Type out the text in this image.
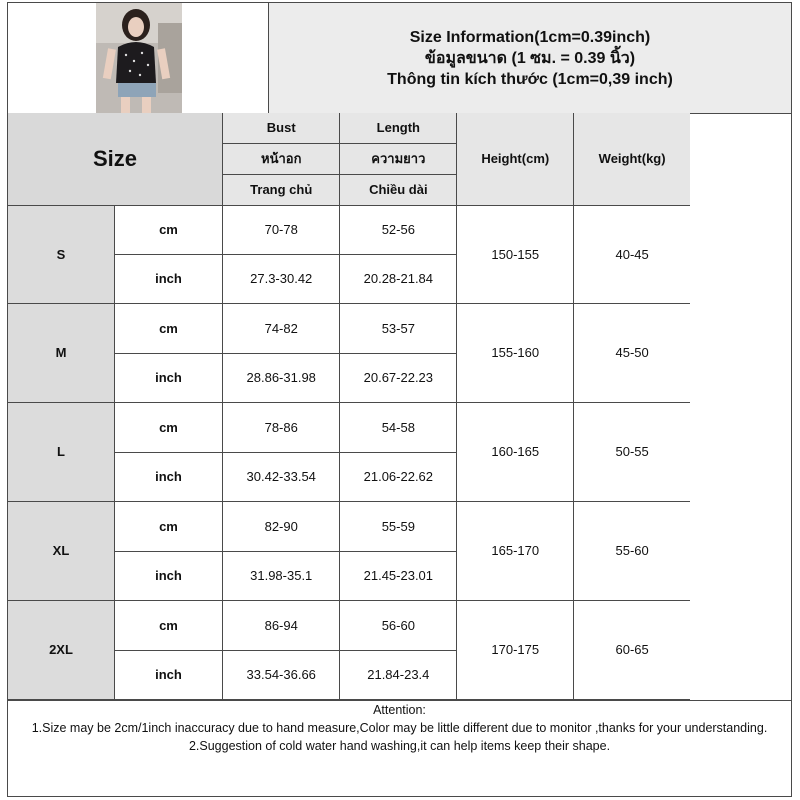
Size Information(1cm=0.39inch)
ข้อมูลขนาด (1 ซม. = 0.39 นิ้ว)
Thông tin kích thước (1cm=0,39 inch)
Size		Bust	Length	Height(cm)	Weight(kg)
		หน้าอก	ความยาว		
		Trang chủ	Chiều dài		
S	cm	70-78	52-56	150-155	40-45
	inch	27.3-30.42	20.28-21.84		
M	cm	74-82	53-57	155-160	45-50
	inch	28.86-31.98	20.67-22.23		
L	cm	78-86	54-58	160-165	50-55
	inch	30.42-33.54	21.06-22.62		
XL	cm	82-90	55-59	165-170	55-60
	inch	31.98-35.1	21.45-23.01		
2XL	cm	86-94	56-60	170-175	60-65
	inch	33.54-36.66	21.84-23.4		
Attention:
1.Size may be 2cm/1inch inaccuracy due to hand measure,Color may be little different due to monitor ,thanks for your understanding.
2.Suggestion of cold water hand washing,it can help items keep their shape.
